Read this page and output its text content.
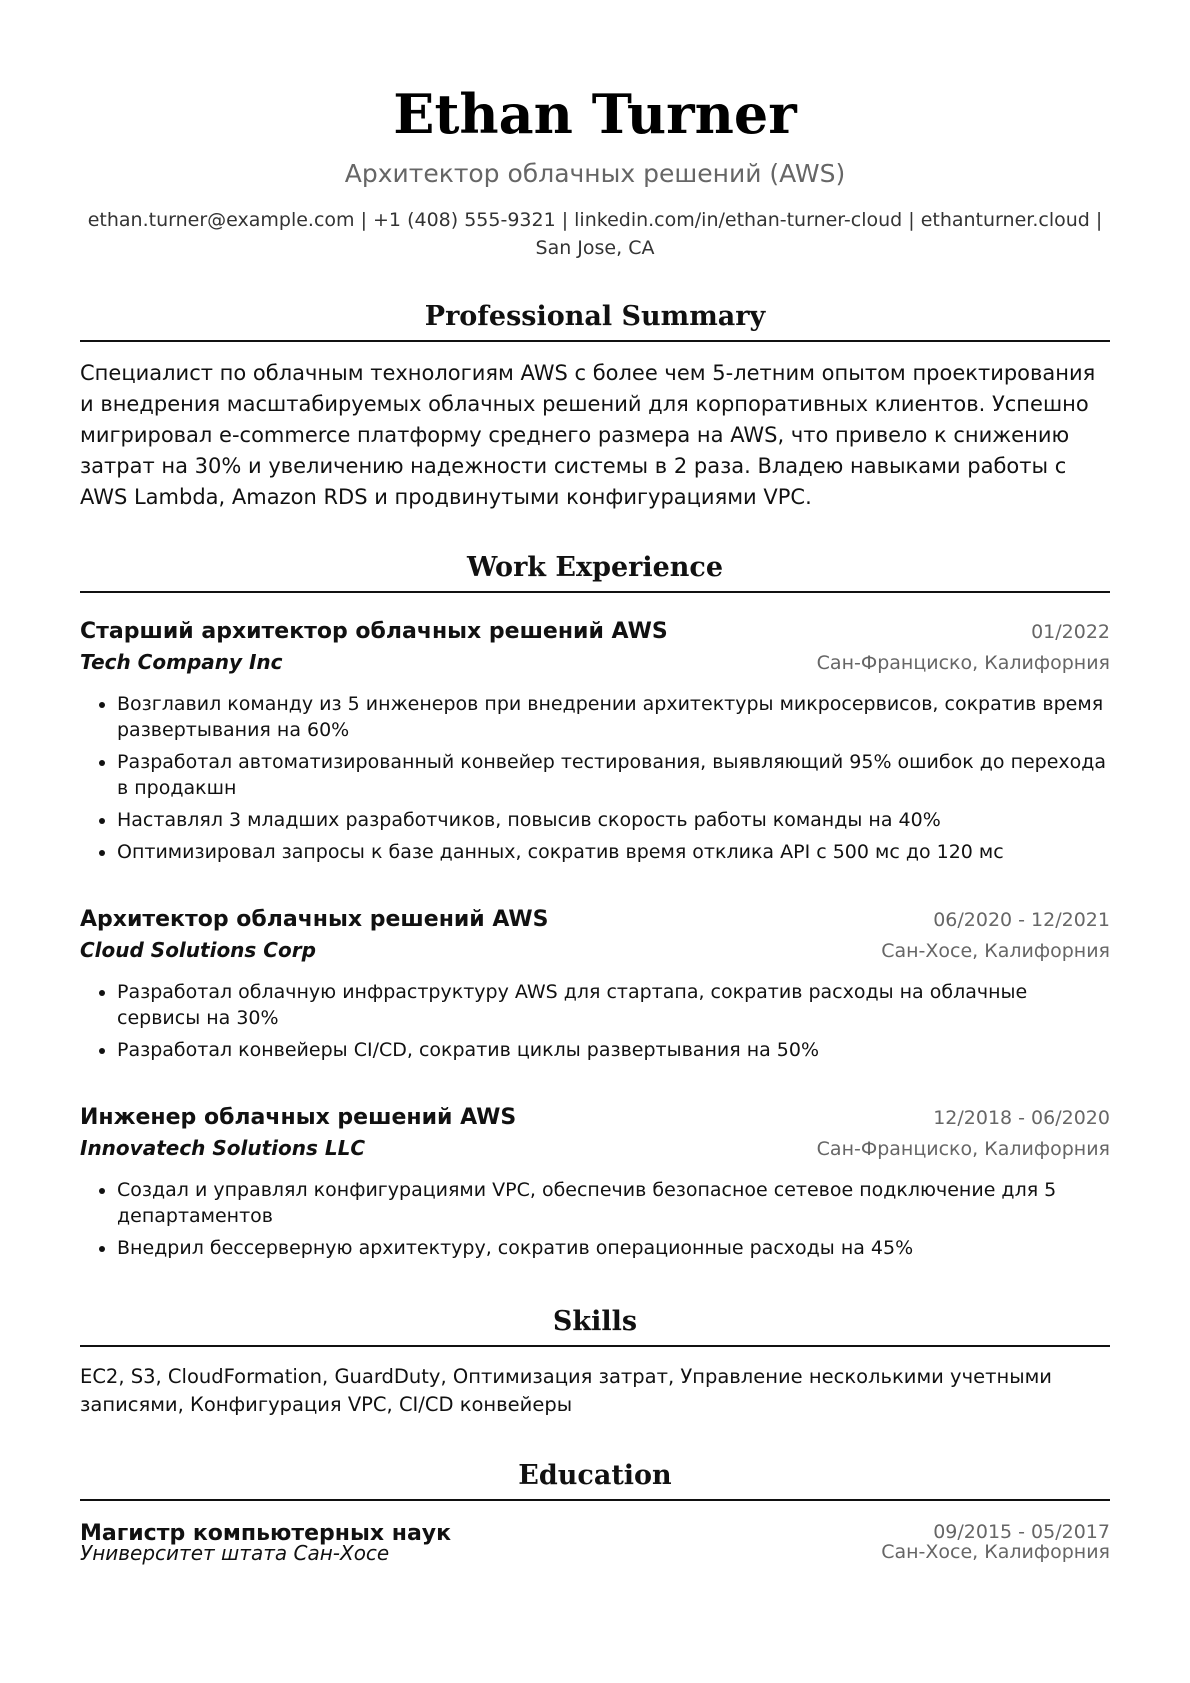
Ethan Turner
Архитектор облачных решений (AWS)
ethan.turner@example.com | +1 (408) 555-9321 | linkedin.com/in/ethan-turner-cloud | ethanturner.cloud | San Jose, CA
Professional Summary
Специалист по облачным технологиям AWS с более чем 5-летним опытом проектирования и внедрения масштабируемых облачных решений для корпоративных клиентов. Успешно мигрировал e-commerce платформу среднего размера на AWS, что привело к снижению затрат на 30% и увеличению надежности системы в 2 раза. Владею навыками работы с AWS Lambda, Amazon RDS и продвинутыми конфигурациями VPC.
Work Experience
Старший архитектор облачных решений AWS	01/2022
Tech Company Inc	Сан-Франциско, Калифорния
• Возглавил команду из 5 инженеров при внедрении архитектуры микросервисов, сократив время развертывания на 60%
• Разработал автоматизированный конвейер тестирования, выявляющий 95% ошибок до перехода в продакшн
• Наставлял 3 младших разработчиков, повысив скорость работы команды на 40%
• Оптимизировал запросы к базе данных, сократив время отклика API с 500 мс до 120 мс
Архитектор облачных решений AWS	06/2020 - 12/2021
Cloud Solutions Corp	Сан-Хосе, Калифорния
• Разработал облачную инфраструктуру AWS для стартапа, сократив расходы на облачные сервисы на 30%
• Разработал конвейеры CI/CD, сократив циклы развертывания на 50%
Инженер облачных решений AWS	12/2018 - 06/2020
Innovatech Solutions LLC	Сан-Франциско, Калифорния
• Создал и управлял конфигурациями VPC, обеспечив безопасное сетевое подключение для 5 департаментов
• Внедрил бессерверную архитектуру, сократив операционные расходы на 45%
Skills
EC2, S3, CloudFormation, GuardDuty, Оптимизация затрат, Управление несколькими учетными записями, Конфигурация VPC, CI/CD конвейеры
Education
Магистр компьютерных наук	09/2015 - 05/2017
Университет штата Сан-Хосе	Сан-Хосе, Калифорния
